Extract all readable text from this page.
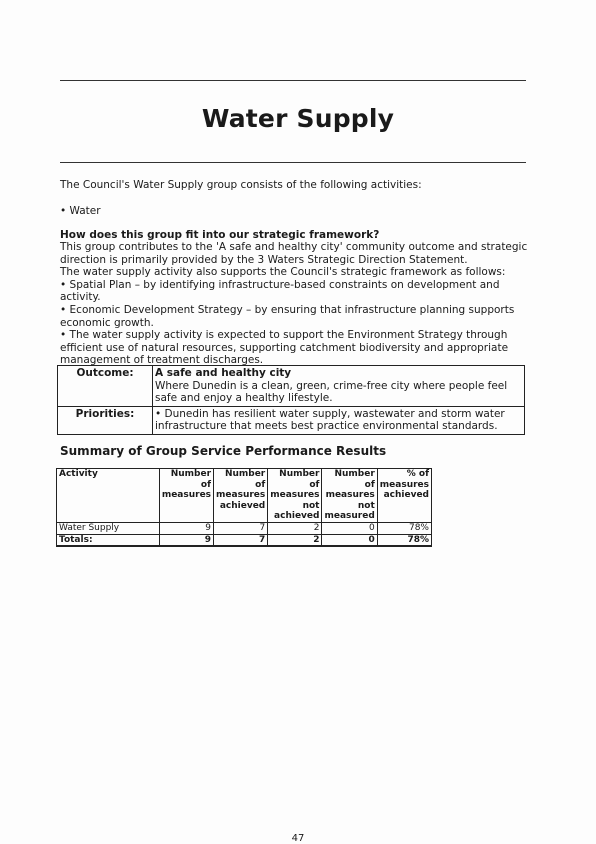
Water Supply
The Council's Water Supply group consists of the following activities:
• Water
How does this group fit into our strategic framework?

This group contributes to the 'A safe and healthy city' community outcome and strategic direction is primarily provided by the 3 Waters Strategic Direction Statement.

The water supply activity also supports the Council's strategic framework as follows:

• Spatial Plan – by identifying infrastructure-based constraints on development and activity.

• Economic Development Strategy – by ensuring that infrastructure planning supports economic growth.

• The water supply activity is expected to support the Environment Strategy through efficient use of natural resources, supporting catchment biodiversity and appropriate management of treatment discharges.

Outcome:	A safe and healthy city
Where Dunedin is a clean, green, crime-free city where people feel safe and enjoy a healthy lifestyle.

Priorities:	• Dunedin has resilient water supply, wastewater and storm water infrastructure that meets best practice environmental standards.
Summary of Group Service Performance Results
Activity	Number of measures	Number of measures achieved	Number of measures not achieved	Number of measures not measured	% of measures achieved
Water Supply	9	7	2	0	78%
Totals:	9	7	2	0	78%
47
